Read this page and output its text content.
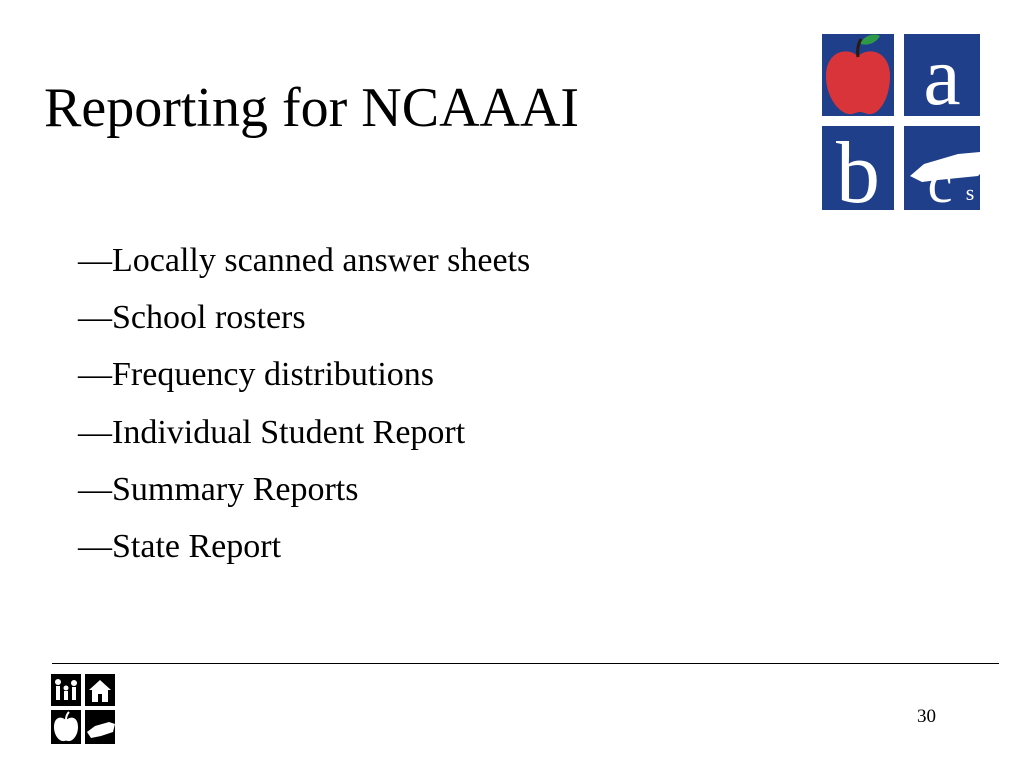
Reporting for NCAAAI	a
b c s
—Locally scanned answer sheets
—School rosters
—Frequency distributions
—Individual Student Report
—Summary Reports
—State Report
30
